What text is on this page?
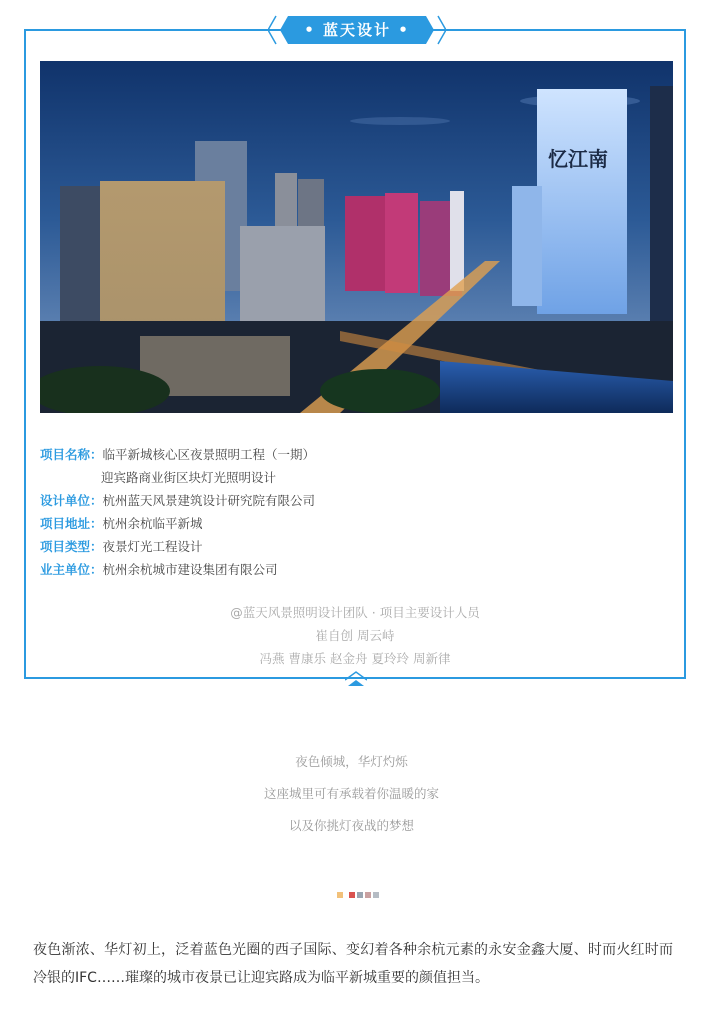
• 蓝天设计 •
忆江南
项目名称：临平新城核心区夜景照明工程（一期）
迎宾路商业街区块灯光照明设计
设计单位：杭州蓝天风景建筑设计研究院有限公司
项目地址：杭州余杭临平新城
项目类型：夜景灯光工程设计
业主单位：杭州余杭城市建设集团有限公司
@蓝天风景照明设计团队 · 项目主要设计人员
崔自创 周云峙
冯燕 曹康乐 赵金舟 夏玲玲 周新律
夜色倾城，华灯灼烁
这座城里可有承载着你温暖的家
以及你挑灯夜战的梦想
夜色渐浓、华灯初上，泛着蓝色光圈的西子国际、变幻着各种余杭元素的永安金鑫大厦、时而火红时而冷银的IFC……璀璨的城市夜景已让迎宾路成为临平新城重要的颜值担当。
